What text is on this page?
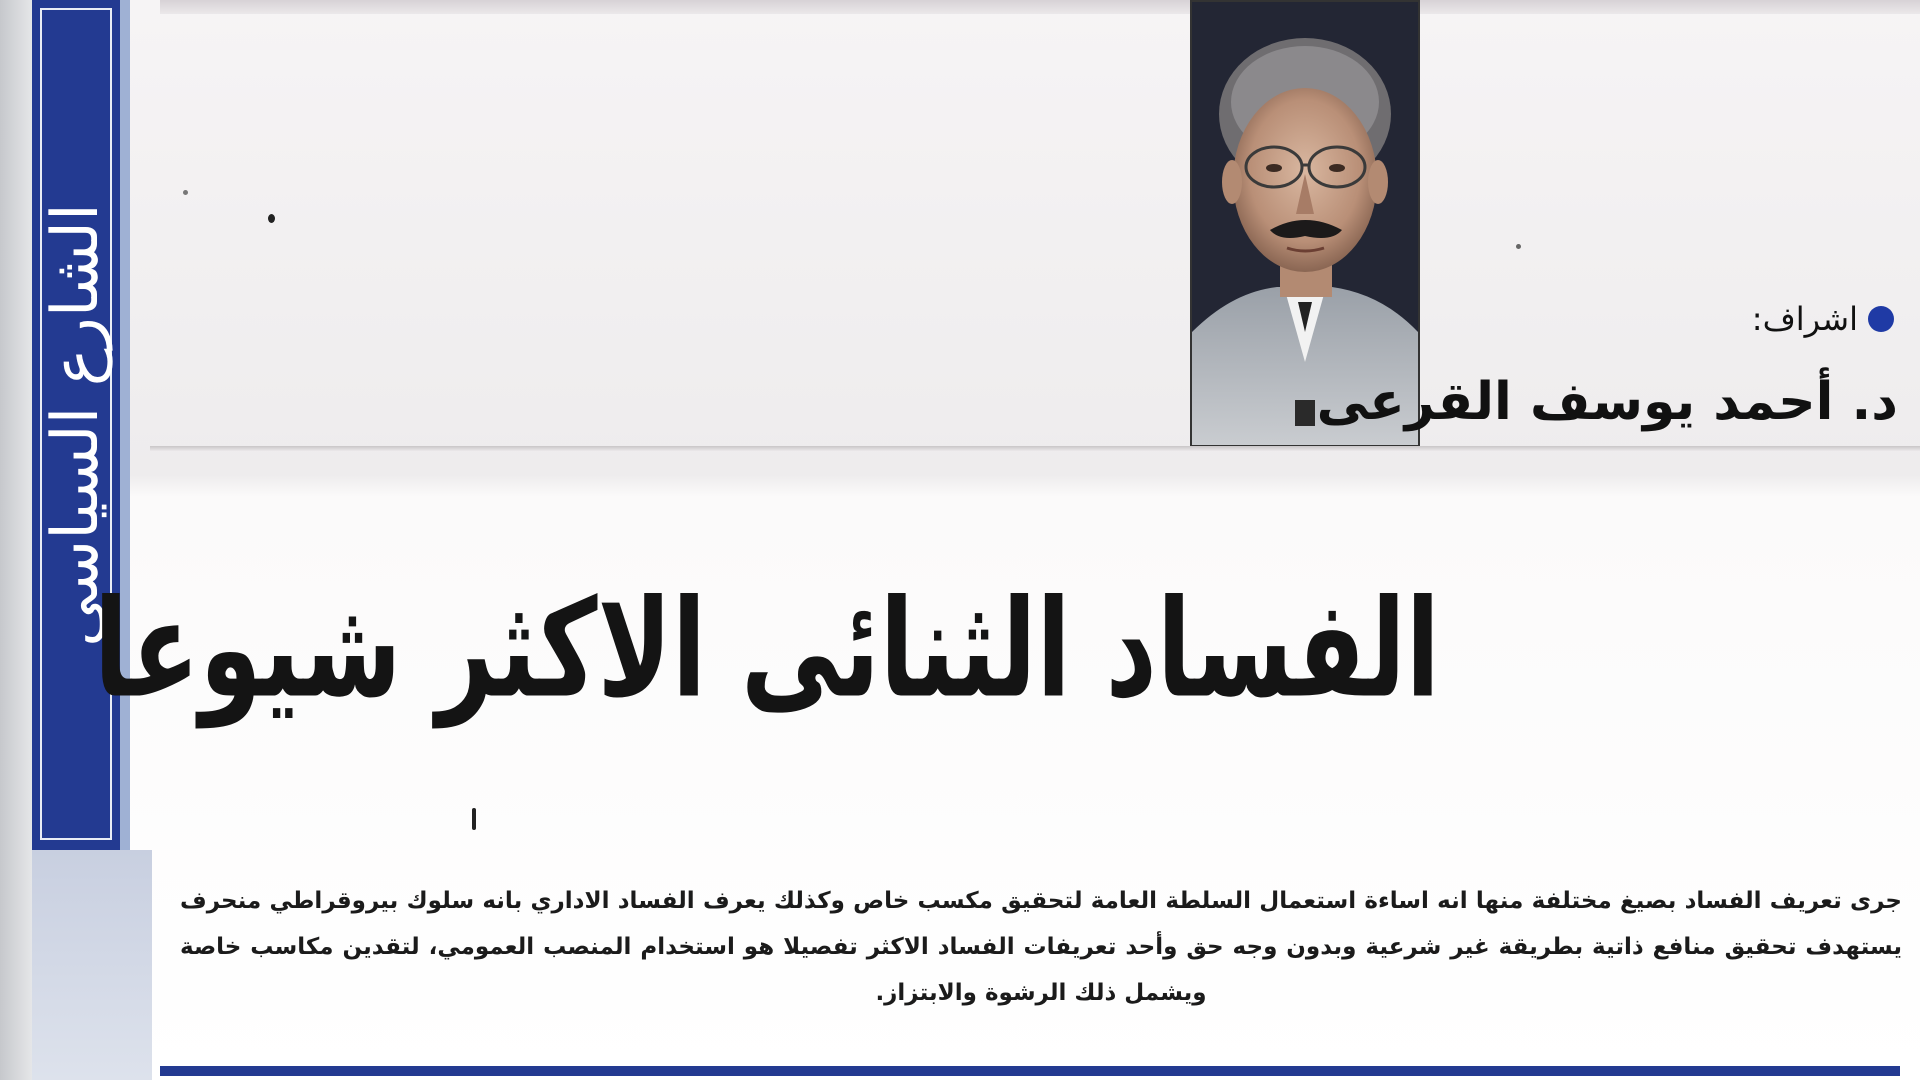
الشارع السياسي	اشراف:
د. أحمد يوسف القرعى
الفساد الثنائى الاكثر شيوعا
جرى تعريف الفساد بصيغ مختلفة منها انه اساءة استعمال السلطة العامة لتحقيق مكسب خاص وكذلك يعرف الفساد الاداري بانه سلوك بيروقراطي منحرف يستهدف تحقيق منافع ذاتية بطريقة غير شرعية وبدون وجه حق وأحد تعريفات الفساد الاكثر تفصيلا هو استخدام المنصب العمومي، لتقدين مكاسب خاصة ويشمل ذلك الرشوة والابتزاز.
